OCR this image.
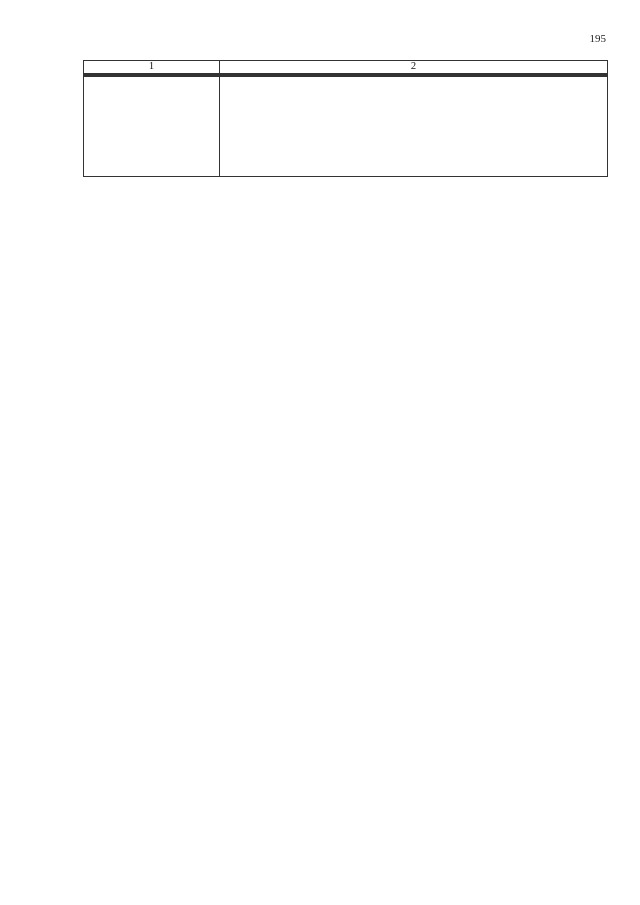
195
1	2
